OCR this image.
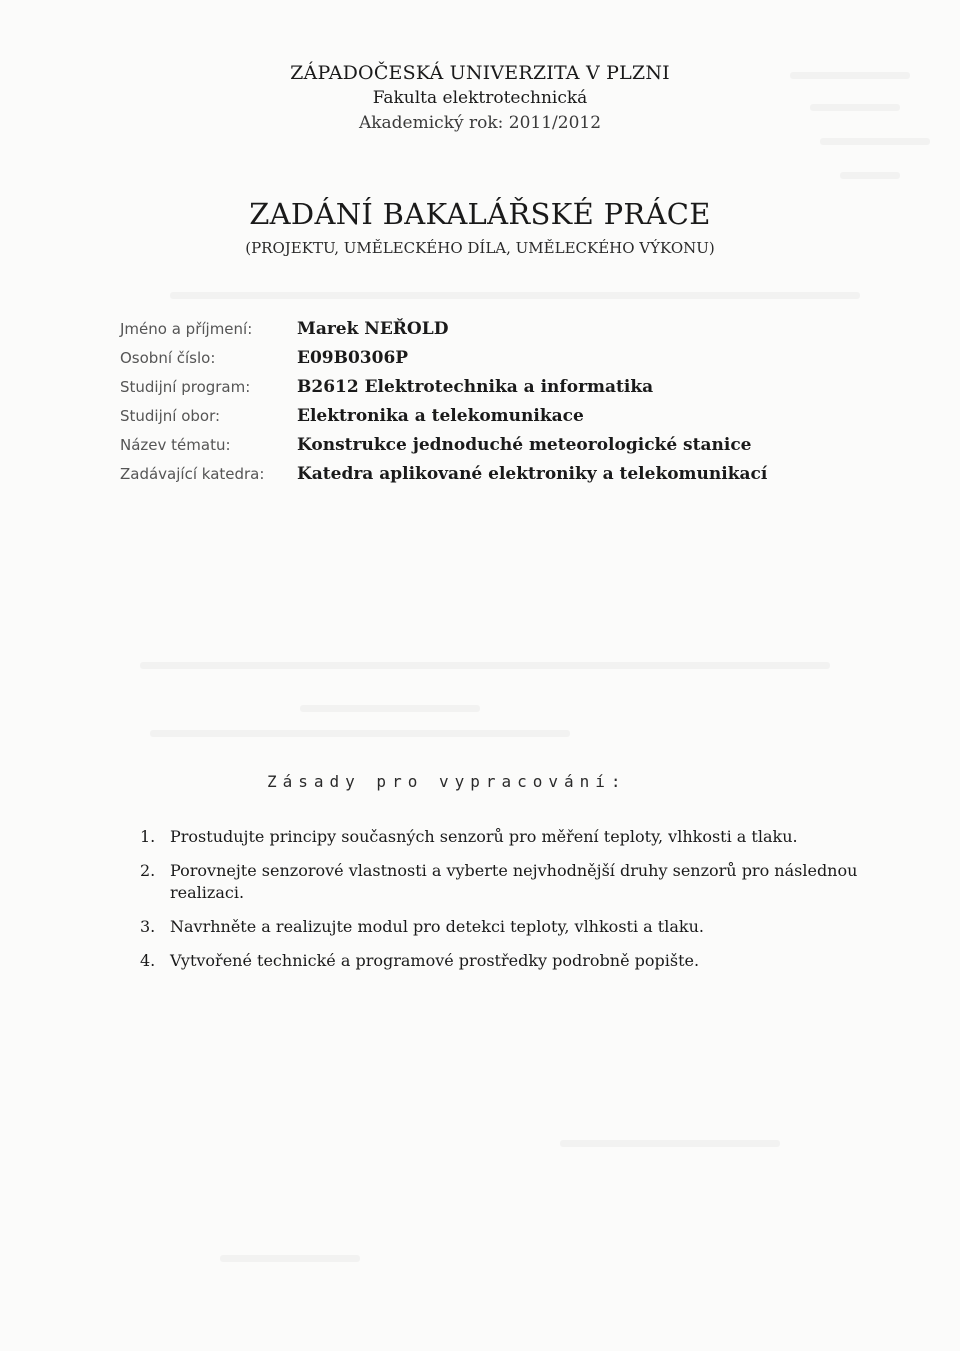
ZÁPADOČESKÁ UNIVERZITA V PLZNI
Fakulta elektrotechnická
Akademický rok: 2011/2012
ZADÁNÍ BAKALÁŘSKÉ PRÁCE
(PROJEKTU, UMĚLECKÉHO DÍLA, UMĚLECKÉHO VÝKONU)
Jméno a příjmení:	Marek NEŘOLD
Osobní číslo:	E09B0306P
Studijní program:	B2612 Elektrotechnika a informatika
Studijní obor:	Elektronika a telekomunikace
Název tématu:	Konstrukce jednoduché meteorologické stanice
Zadávající katedra:	Katedra aplikované elektroniky a telekomunikací
Zásady pro vypracování:
1. Prostudujte principy současných senzorů pro měření teploty, vlhkosti a tlaku.
2. Porovnejte senzorové vlastnosti a vyberte nejvhodnější druhy senzorů pro následnou realizaci.
3. Navrhněte a realizujte modul pro detekci teploty, vlhkosti a tlaku.
4. Vytvořené technické a programové prostředky podrobně popište.
